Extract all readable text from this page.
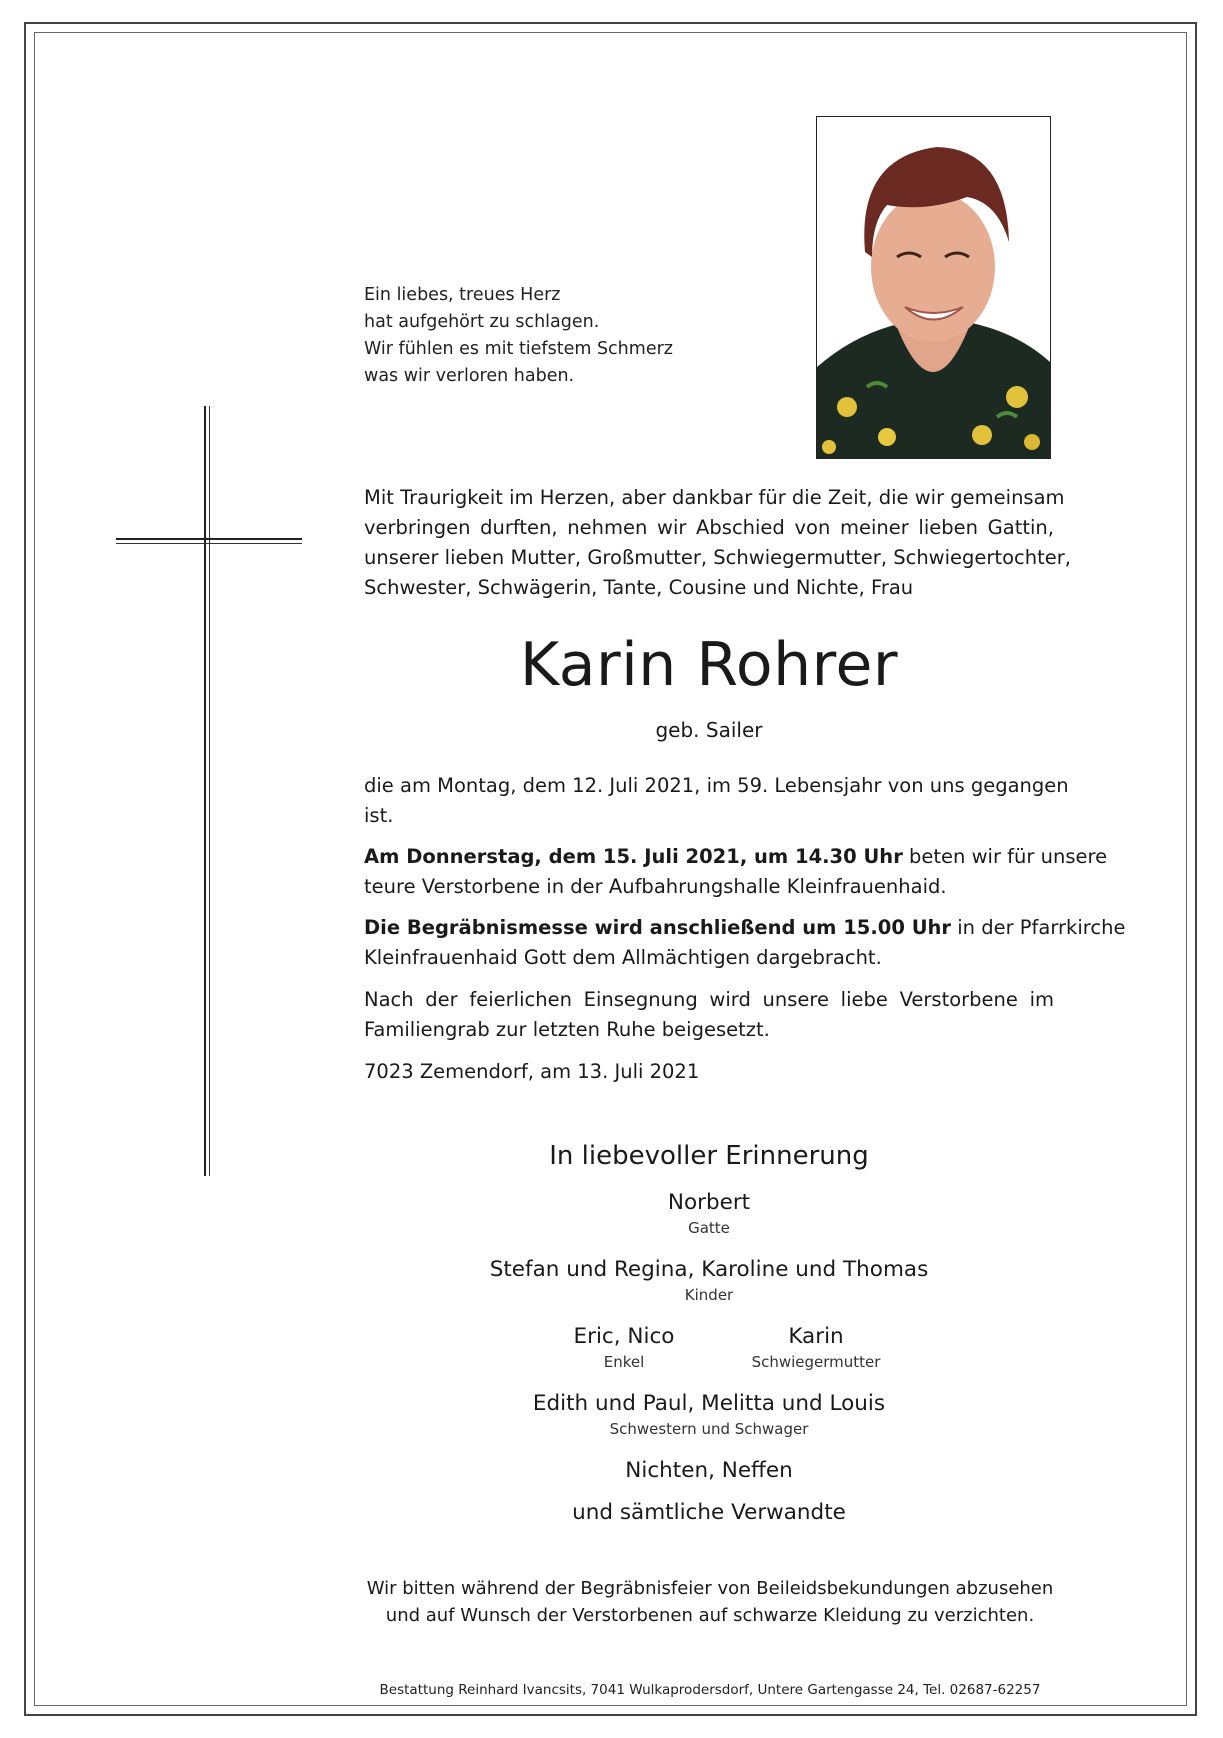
Ein liebes, treues Herz
hat aufgehört zu schlagen.
Wir fühlen es mit tiefstem Schmerz
was wir verloren haben.
Mit Traurigkeit im Herzen, aber dankbar für die Zeit, die wir gemeinsam
verbringen durften, nehmen wir Abschied von meiner lieben Gattin,
unserer lieben Mutter, Großmutter, Schwiegermutter, Schwiegertochter,
Schwester, Schwägerin, Tante, Cousine und Nichte, Frau
Karin Rohrer
geb. Sailer
die am Montag, dem 12. Juli 2021, im 59. Lebensjahr von uns gegangen
ist.
Am Donnerstag, dem 15. Juli 2021, um 14.30 Uhr beten wir für unsere
teure Verstorbene in der Aufbahrungshalle Kleinfrauenhaid.
Die Begräbnismesse wird anschließend um 15.00 Uhr in der Pfarrkirche
Kleinfrauenhaid Gott dem Allmächtigen dargebracht.
Nach der feierlichen Einsegnung wird unsere liebe Verstorbene im
Familiengrab zur letzten Ruhe beigesetzt.
7023 Zemendorf, am 13. Juli 2021
In liebevoller Erinnerung
Norbert
Gatte
Stefan und Regina, Karoline und Thomas
Kinder
Eric, Nico
Enkel
Karin
Schwiegermutter
Edith und Paul, Melitta und Louis
Schwestern und Schwager
Nichten, Neffen
und sämtliche Verwandte
Wir bitten während der Begräbnisfeier von Beileidsbekundungen abzusehen
und auf Wunsch der Verstorbenen auf schwarze Kleidung zu verzichten.
Bestattung Reinhard Ivancsits, 7041 Wulkaprodersdorf, Untere Gartengasse 24, Tel. 02687-62257
